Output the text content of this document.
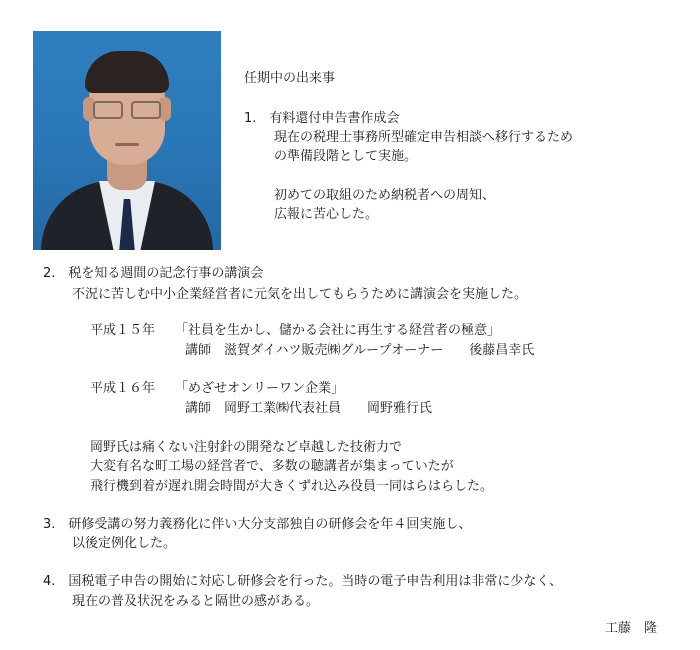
任期中の出来事
1.　有料還付申告書作成会
現在の税理士事務所型確定申告相談へ移行するため
の準備段階として実施。
初めての取組のため納税者への周知、
広報に苦心した。
2.　税を知る週間の記念行事の講演会
不況に苦しむ中小企業経営者に元気を出してもらうために講演会を実施した。
平成１５年 「社員を生かし、儲かる会社に再生する経営者の極意」
講師　滋賀ダイハツ販売㈱グループオーナー　　後藤昌幸氏
平成１６年 「めざせオンリーワン企業」
講師　岡野工業㈱代表社員　　岡野雅行氏
岡野氏は痛くない注射針の開発など卓越した技術力で
大変有名な町工場の経営者で、多数の聴講者が集まっていたが
飛行機到着が遅れ開会時間が大きくずれ込み役員一同はらはらした。
3.　研修受講の努力義務化に伴い大分支部独自の研修会を年４回実施し、
以後定例化した。
4.　国税電子申告の開始に対応し研修会を行った。当時の電子申告利用は非常に少なく、
現在の普及状況をみると隔世の感がある。
工藤　隆
